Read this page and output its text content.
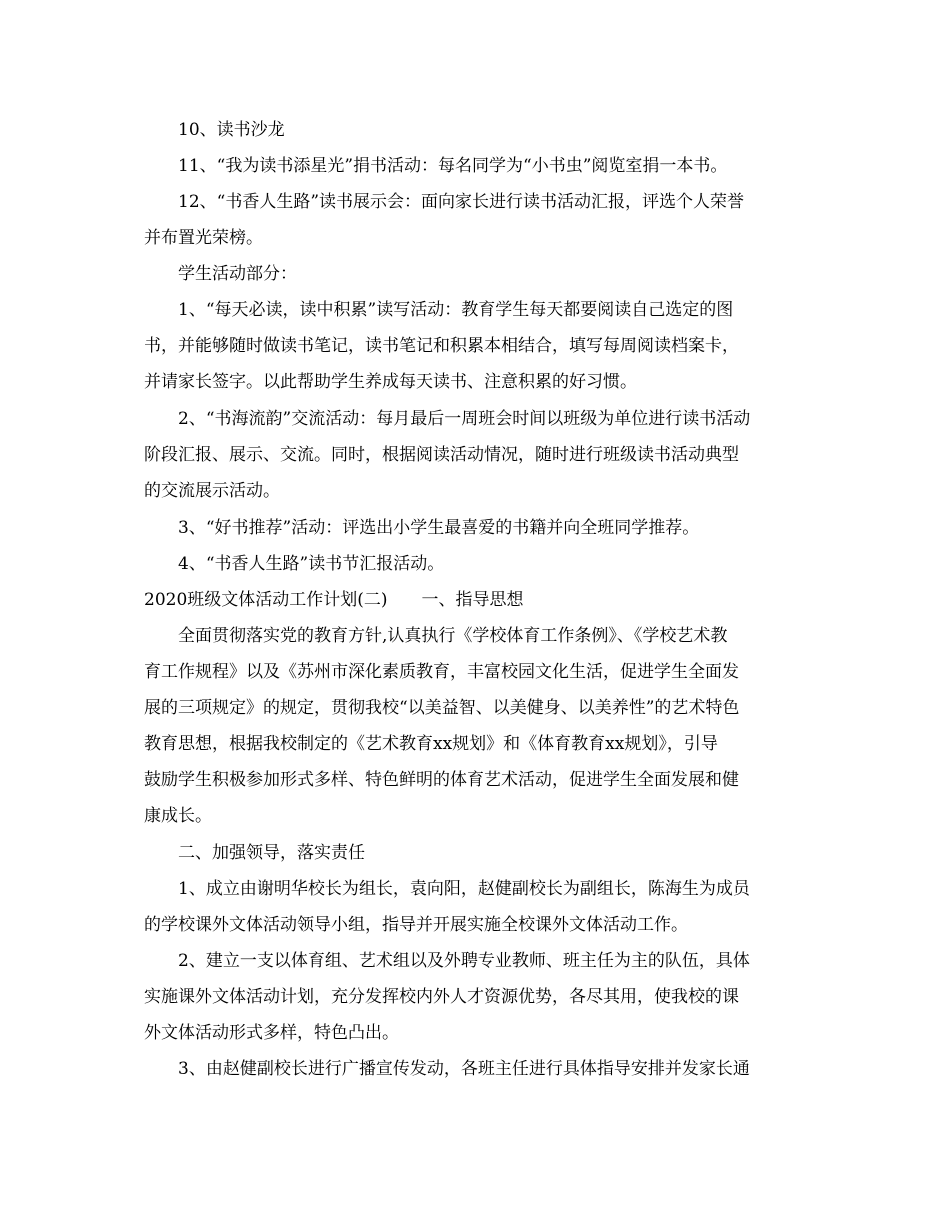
10、读书沙龙
11、“我为读书添星光”捐书活动：每名同学为“小书虫”阅览室捐一本书。
12、“书香人生路”读书展示会：面向家长进行读书活动汇报，评选个人荣誉
并布置光荣榜。
学生活动部分：
1、“每天必读，读中积累”读写活动：教育学生每天都要阅读自己选定的图
书，并能够随时做读书笔记，读书笔记和积累本相结合，填写每周阅读档案卡，
并请家长签字。以此帮助学生养成每天读书、注意积累的好习惯。
2、“书海流韵”交流活动：每月最后一周班会时间以班级为单位进行读书活动
阶段汇报、展示、交流。同时，根据阅读活动情况，随时进行班级读书活动典型
的交流展示活动。
3、“好书推荐”活动：评选出小学生最喜爱的书籍并向全班同学推荐。
4、“书香人生路”读书节汇报活动。
2020班级文体活动工作计划(二)　　一、指导思想
全面贯彻落实党的教育方针,认真执行《学校体育工作条例》、《学校艺术教
育工作规程》以及《苏州市深化素质教育，丰富校园文化生活，促进学生全面发
展的三项规定》的规定，贯彻我校“以美益智、以美健身、以美养性”的艺术特色
教育思想，根据我校制定的《艺术教育xx规划》和《体育教育xx规划》，引导
鼓励学生积极参加形式多样、特色鲜明的体育艺术活动，促进学生全面发展和健
康成长。
二、加强领导，落实责任
1、成立由谢明华校长为组长，袁向阳，赵健副校长为副组长，陈海生为成员
的学校课外文体活动领导小组，指导并开展实施全校课外文体活动工作。
2、建立一支以体育组、艺术组以及外聘专业教师、班主任为主的队伍，具体
实施课外文体活动计划，充分发挥校内外人才资源优势，各尽其用，使我校的课
外文体活动形式多样，特色凸出。
3、由赵健副校长进行广播宣传发动，各班主任进行具体指导安排并发家长通
